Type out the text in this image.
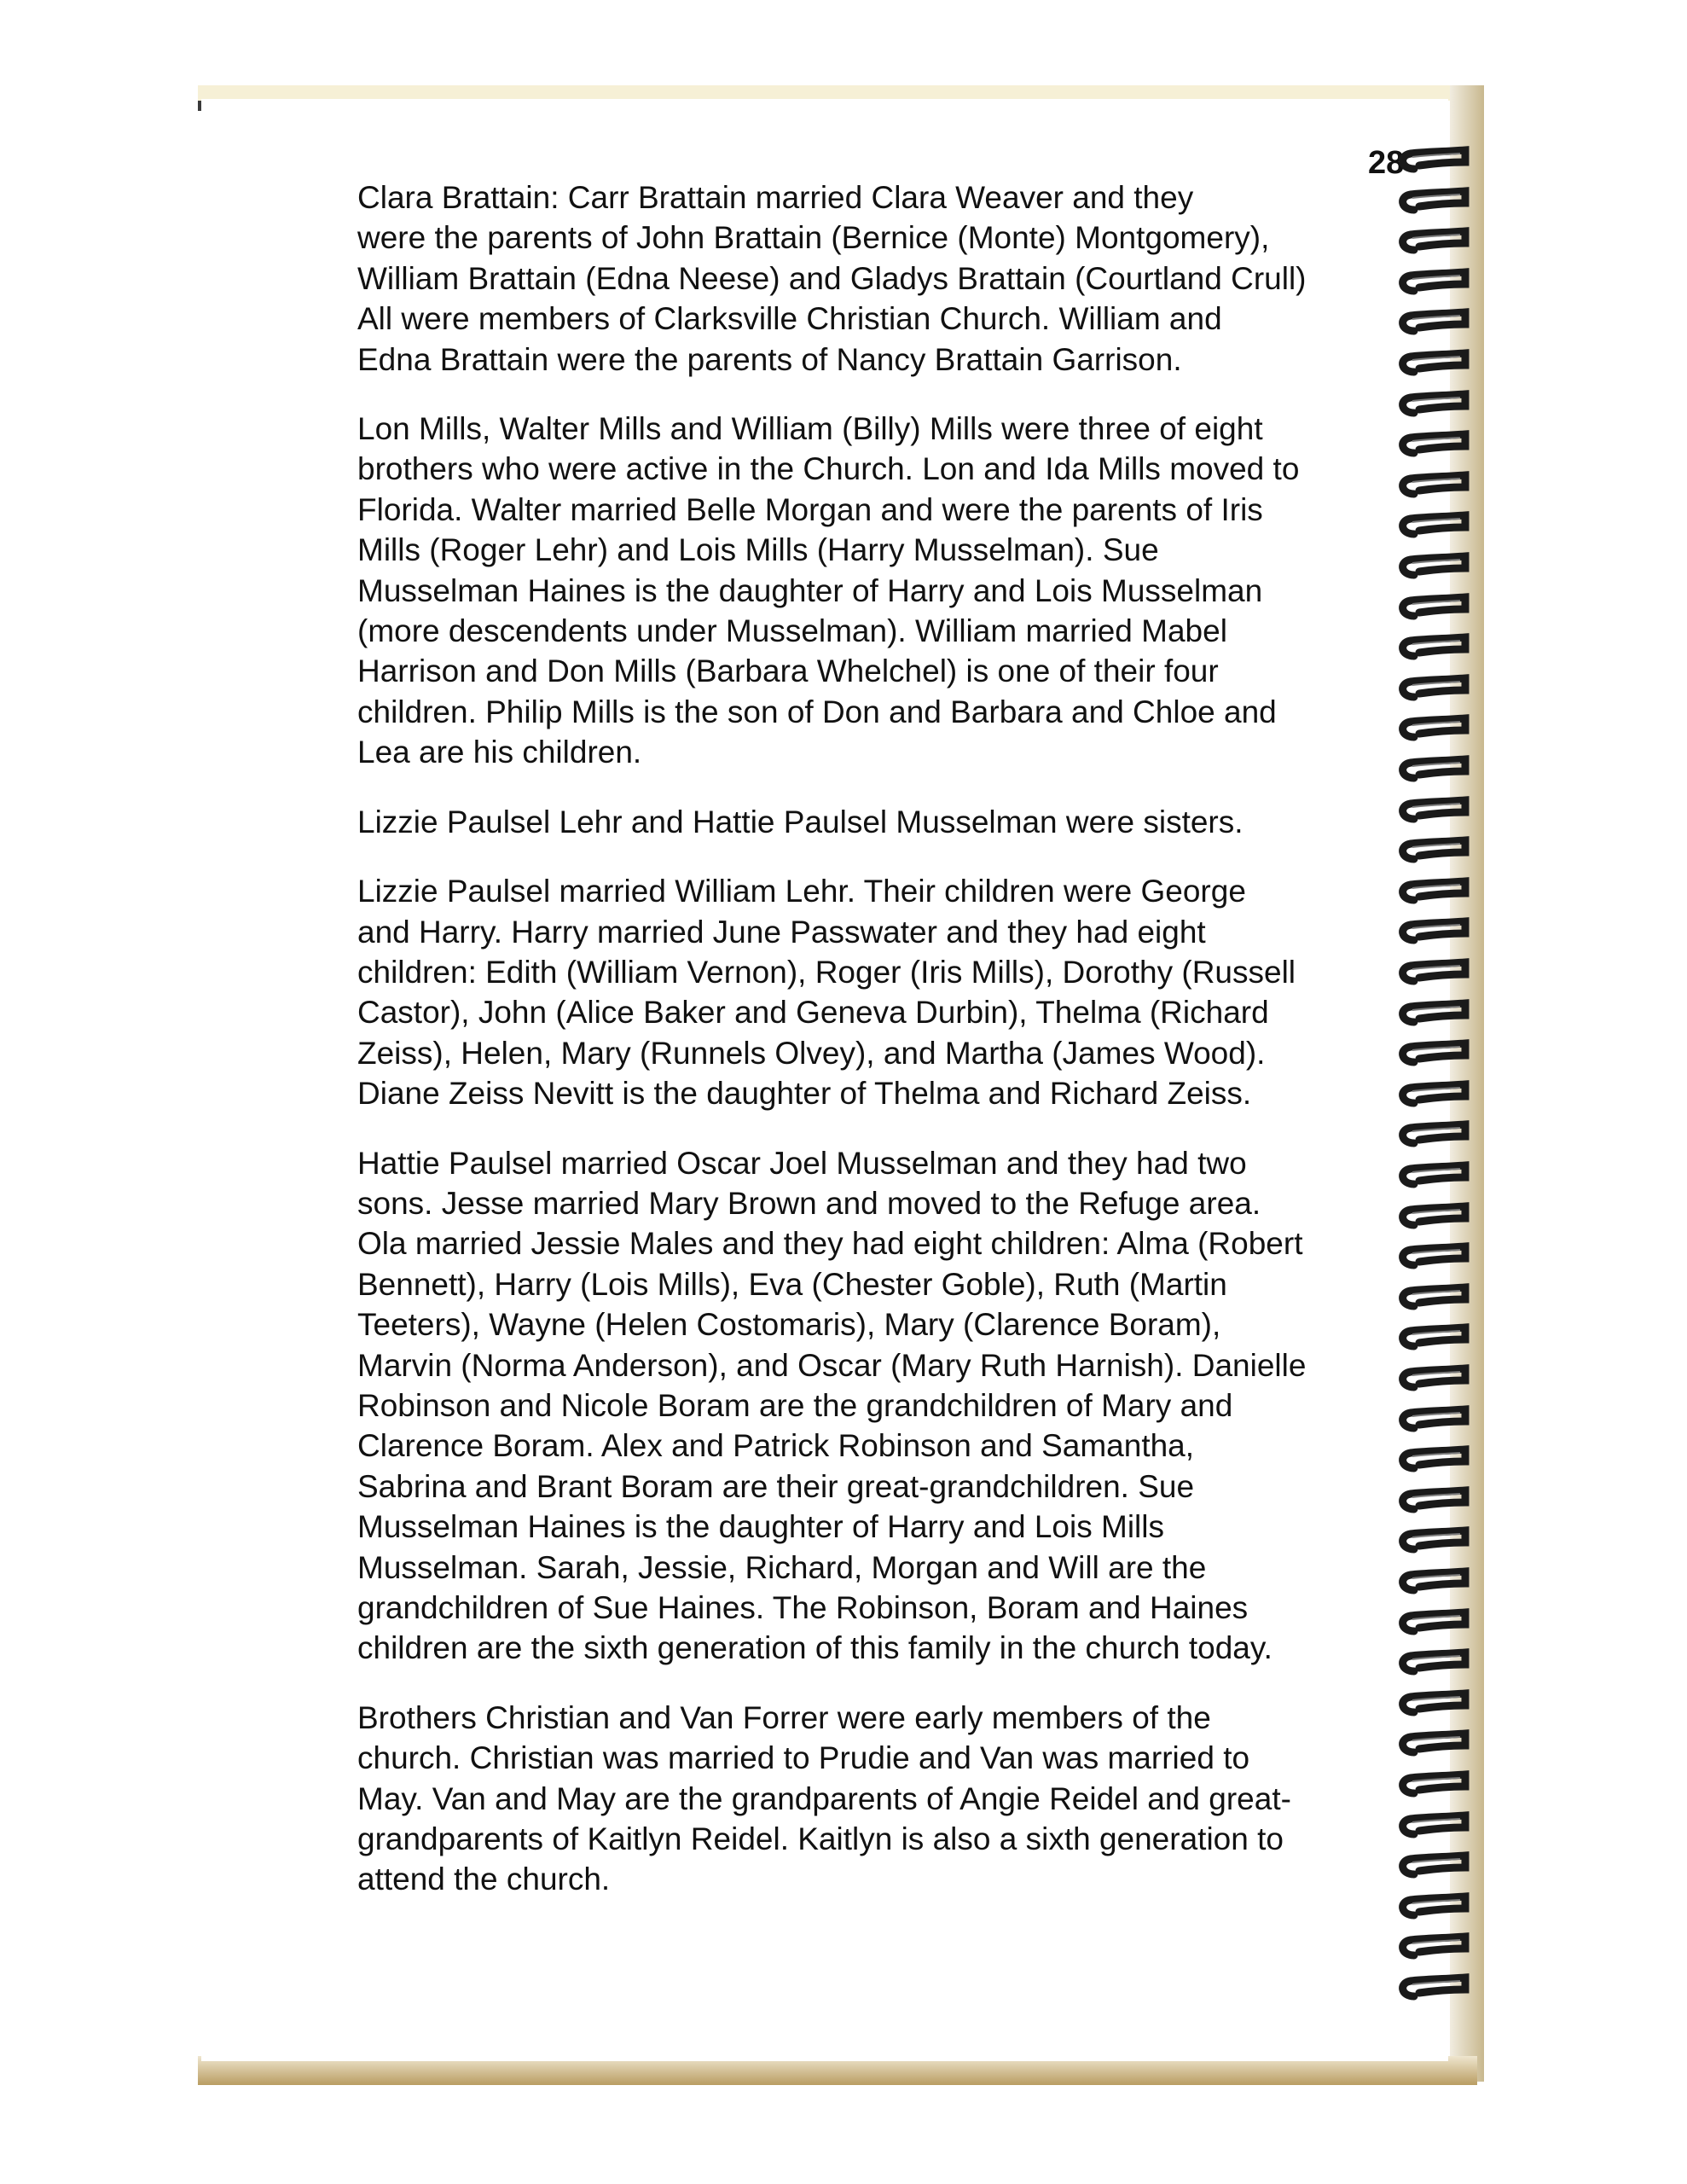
28

Clara Brattain: Carr Brattain married Clara Weaver and they
were the parents of John Brattain (Bernice (Monte) Montgomery),
William Brattain (Edna Neese) and Gladys Brattain (Courtland Crull)
All were members of Clarksville Christian Church. William and
Edna Brattain were the parents of Nancy Brattain Garrison.

Lon Mills, Walter Mills and William (Billy) Mills were three of eight
brothers who were active in the Church. Lon and Ida Mills moved to
Florida. Walter married Belle Morgan and were the parents of Iris
Mills (Roger Lehr) and Lois Mills (Harry Musselman). Sue
Musselman Haines is the daughter of Harry and Lois Musselman
(more descendents under Musselman). William married Mabel
Harrison and Don Mills (Barbara Whelchel) is one of their four
children. Philip Mills is the son of Don and Barbara and Chloe and
Lea are his children.

Lizzie Paulsel Lehr and Hattie Paulsel Musselman were sisters.

Lizzie Paulsel married William Lehr. Their children were George
and Harry. Harry married June Passwater and they had eight
children: Edith (William Vernon), Roger (Iris Mills), Dorothy (Russell
Castor), John (Alice Baker and Geneva Durbin), Thelma (Richard
Zeiss), Helen, Mary (Runnels Olvey), and Martha (James Wood).
Diane Zeiss Nevitt is the daughter of Thelma and Richard Zeiss.

Hattie Paulsel married Oscar Joel Musselman and they had two
sons. Jesse married Mary Brown and moved to the Refuge area.
Ola married Jessie Males and they had eight children: Alma (Robert
Bennett), Harry (Lois Mills), Eva (Chester Goble), Ruth (Martin
Teeters), Wayne (Helen Costomaris), Mary (Clarence Boram),
Marvin (Norma Anderson), and Oscar (Mary Ruth Harnish). Danielle
Robinson and Nicole Boram are the grandchildren of Mary and
Clarence Boram. Alex and Patrick Robinson and Samantha,
Sabrina and Brant Boram are their great-grandchildren. Sue
Musselman Haines is the daughter of Harry and Lois Mills
Musselman. Sarah, Jessie, Richard, Morgan and Will are the
grandchildren of Sue Haines. The Robinson, Boram and Haines
children are the sixth generation of this family in the church today.

Brothers Christian and Van Forrer were early members of the
church. Christian was married to Prudie and Van was married to
May. Van and May are the grandparents of Angie Reidel and great-
grandparents of Kaitlyn Reidel. Kaitlyn is also a sixth generation to
attend the church.
